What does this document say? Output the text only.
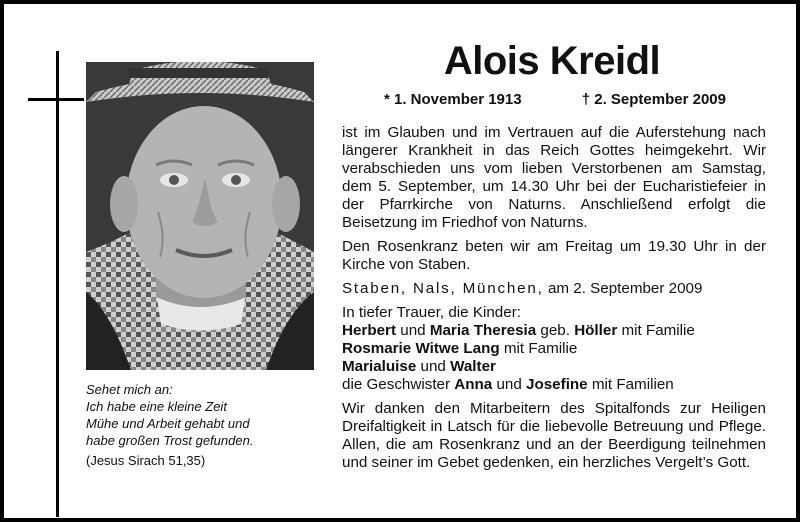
Sehet mich an:
Ich habe eine kleine Zeit
Mühe und Arbeit gehabt und
habe großen Trost gefunden.
(Jesus Sirach 51,35)
Alois Kreidl
* 1. November 1913	† 2. September 2009

ist im Glauben und im Vertrauen auf die Auferstehung nach längerer Krankheit in das Reich Gottes heimgekehrt. Wir verabschieden uns vom lieben Verstorbenen am Samstag, dem 5. September, um 14.30 Uhr bei der Eucharistiefeier in der Pfarrkirche von Naturns. Anschließend erfolgt die Beisetzung im Friedhof von Naturns.

Den Rosenkranz beten wir am Freitag um 19.30 Uhr in der Kirche von Staben.

Staben, Nals, München, am 2. September 2009

In tiefer Trauer, die Kinder:
Herbert und Maria Theresia geb. Höller mit Familie
Rosmarie Witwe Lang mit Familie
Marialuise und Walter
die Geschwister Anna und Josefine mit Familien

Wir danken den Mitarbeitern des Spitalfonds zur Heiligen Dreifaltigkeit in Latsch für die liebevolle Betreuung und Pflege. Allen, die am Rosenkranz und an der Beerdigung teilnehmen und seiner im Gebet gedenken, ein herzliches Vergelt’s Gott.
